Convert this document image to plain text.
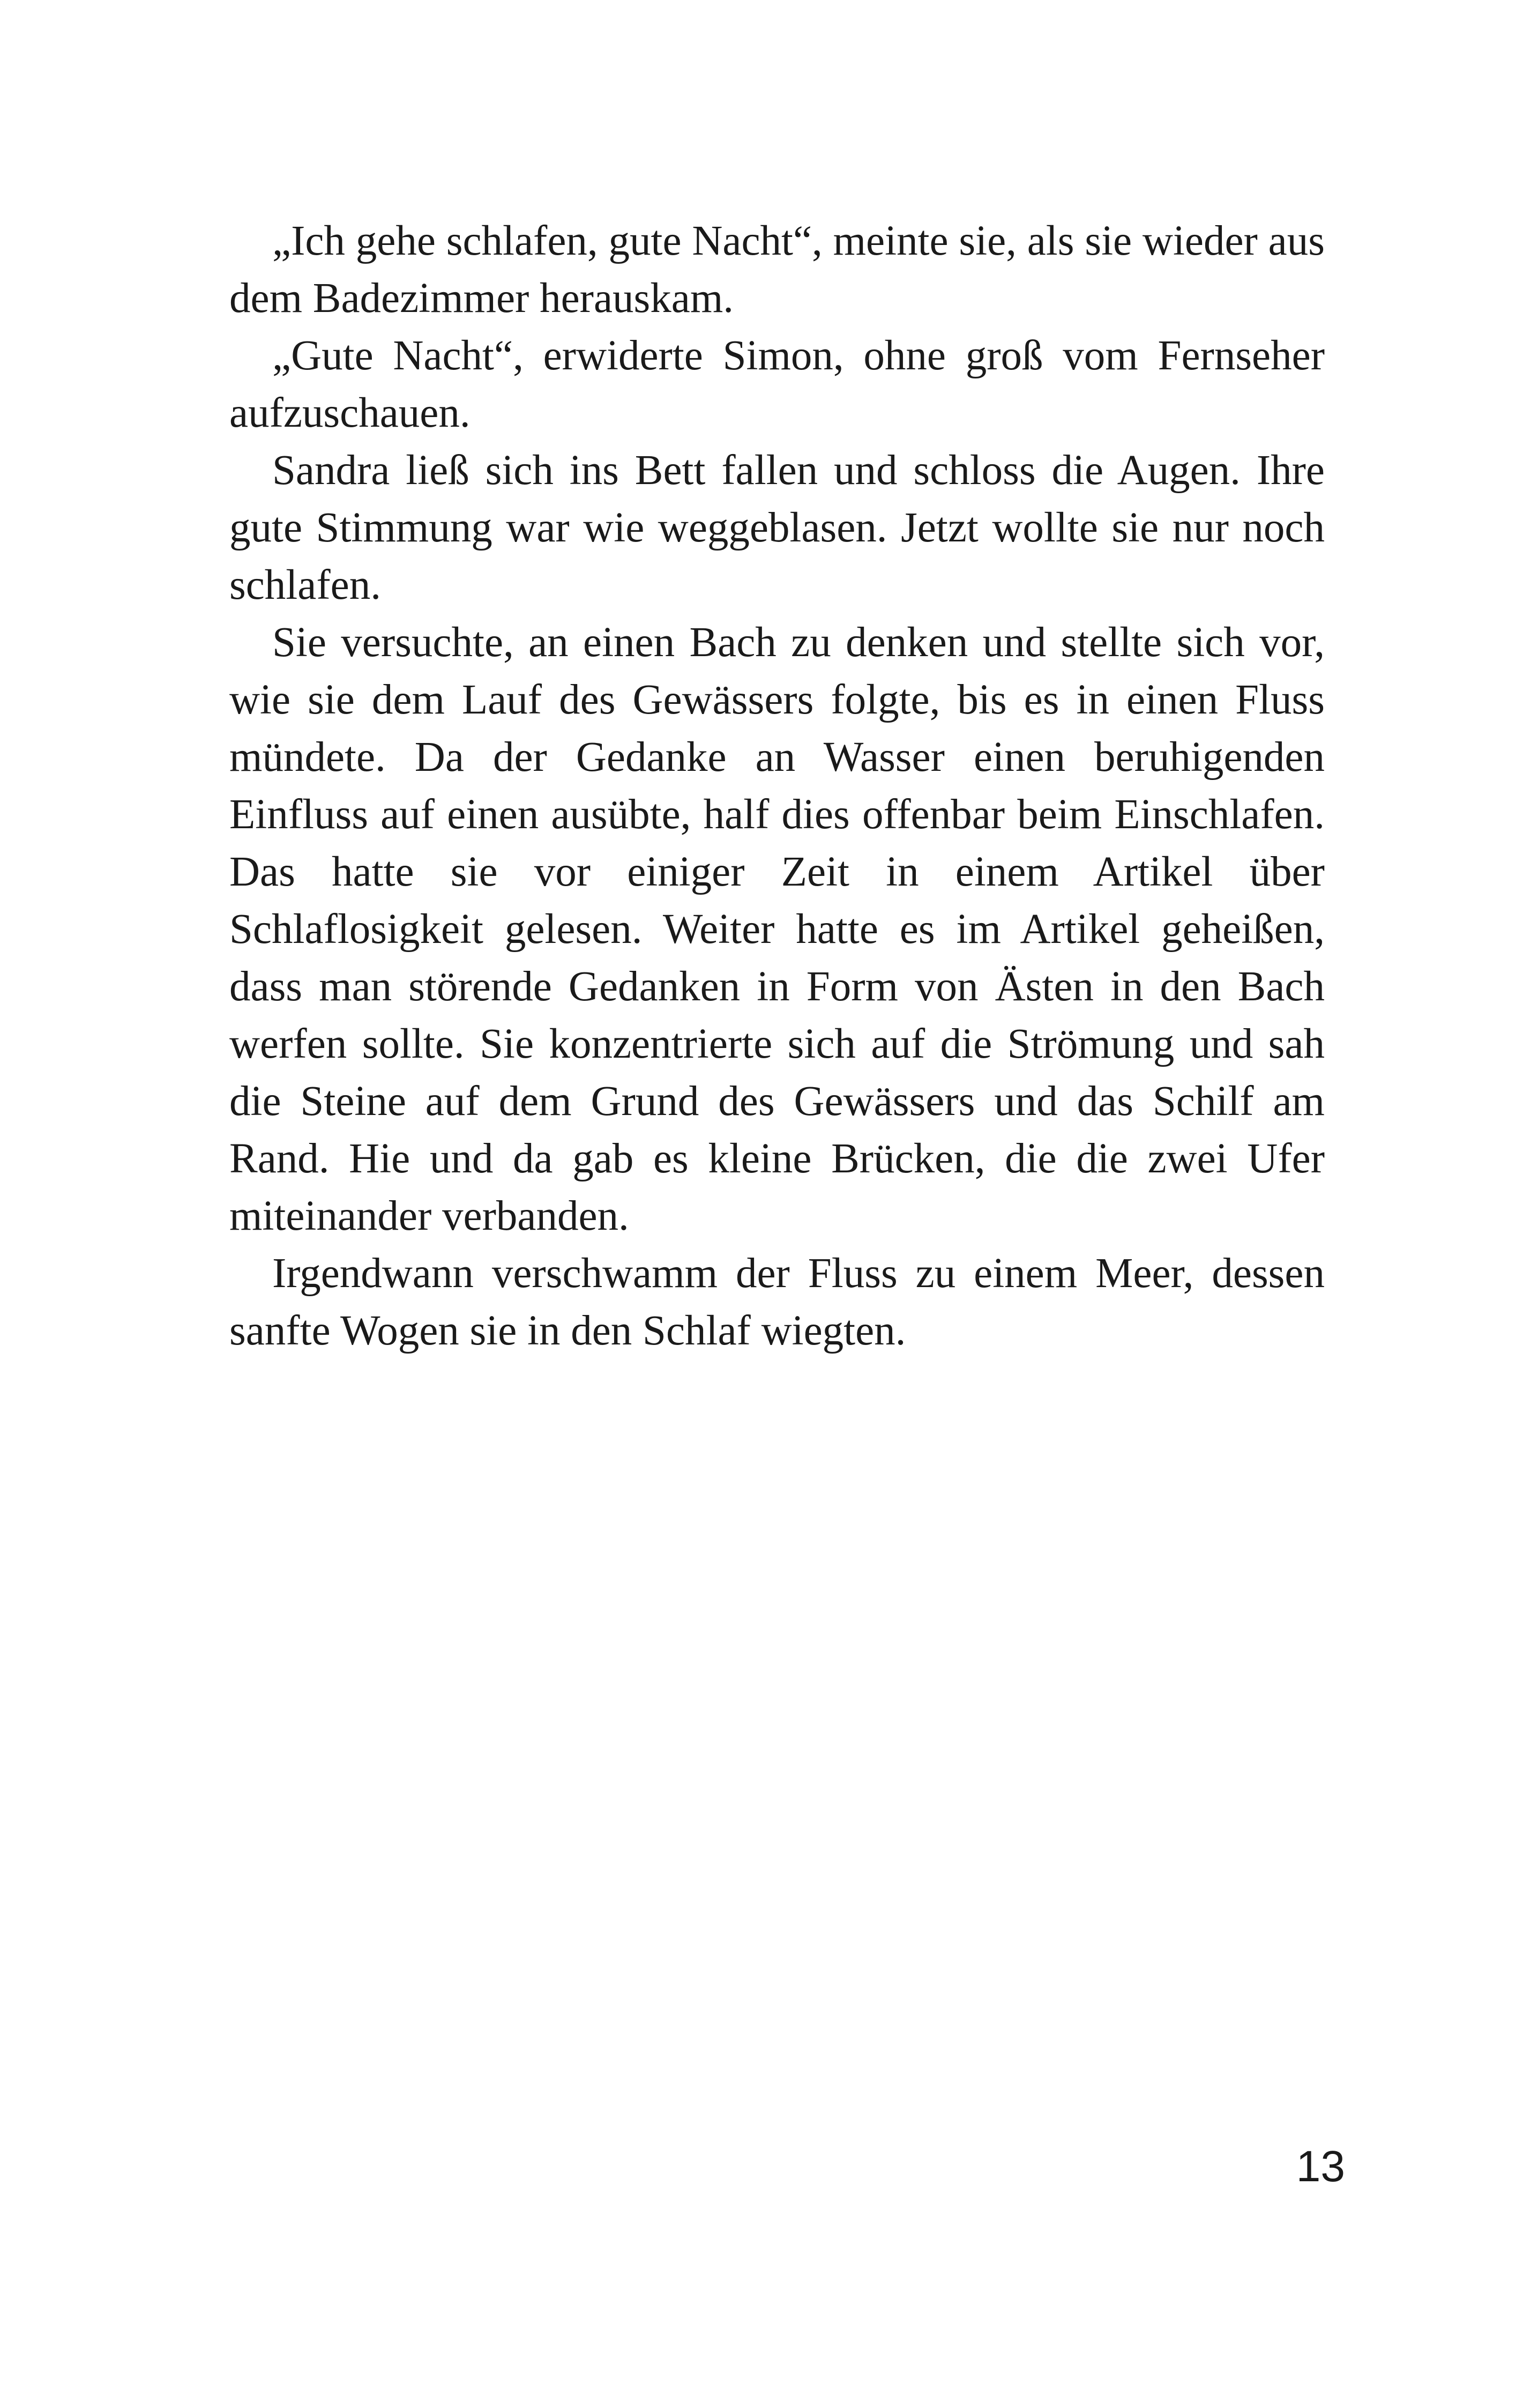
„Ich gehe schlafen, gute Nacht“, meinte sie, als sie wieder aus dem Badezimmer herauskam.

„Gute Nacht“, erwiderte Simon, ohne groß vom Fernseher aufzuschauen.

Sandra ließ sich ins Bett fallen und schloss die Augen. Ihre gute Stimmung war wie weggeblasen. Jetzt wollte sie nur noch schlafen.

Sie versuchte, an einen Bach zu denken und stellte sich vor, wie sie dem Lauf des Gewässers folgte, bis es in einen Fluss mündete. Da der Gedanke an Wasser einen beruhigenden Einfluss auf einen ausübte, half dies offenbar beim Einschlafen. Das hatte sie vor einiger Zeit in einem Artikel über Schlaflosigkeit gelesen. Weiter hatte es im Artikel geheißen, dass man störende Gedanken in Form von Ästen in den Bach werfen sollte. Sie konzentrierte sich auf die Strömung und sah die Steine auf dem Grund des Gewässers und das Schilf am Rand. Hie und da gab es kleine Brücken, die die zwei Ufer miteinander verbanden.

Irgendwann verschwamm der Fluss zu einem Meer, dessen sanfte Wogen sie in den Schlaf wiegten.

13
